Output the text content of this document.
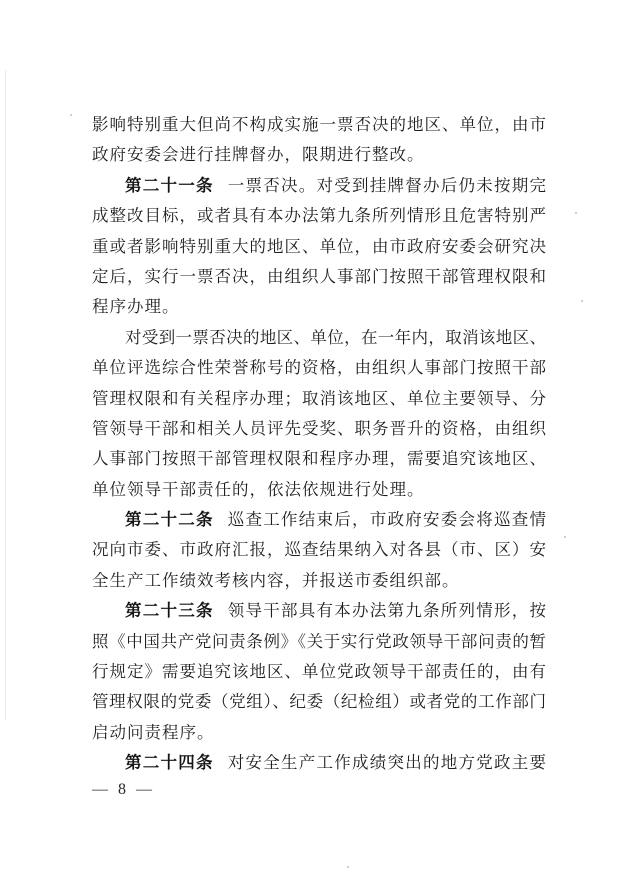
影响特别重大但尚不构成实施一票否决的地区、单位，由市
政府安委会进行挂牌督办，限期进行整改。
第二十一条 一票否决。对受到挂牌督办后仍未按期完
成整改目标，或者具有本办法第九条所列情形且危害特别严
重或者影响特别重大的地区、单位，由市政府安委会研究决
定后，实行一票否决，由组织人事部门按照干部管理权限和
程序办理。
对受到一票否决的地区、单位，在一年内，取消该地区、
单位评选综合性荣誉称号的资格，由组织人事部门按照干部
管理权限和有关程序办理；取消该地区、单位主要领导、分
管领导干部和相关人员评先受奖、职务晋升的资格，由组织
人事部门按照干部管理权限和程序办理，需要追究该地区、
单位领导干部责任的，依法依规进行处理。
第二十二条 巡查工作结束后，市政府安委会将巡查情
况向市委、市政府汇报，巡查结果纳入对各县（市、区）安
全生产工作绩效考核内容，并报送市委组织部。
第二十三条 领导干部具有本办法第九条所列情形，按
照《中国共产党问责条例》《关于实行党政领导干部问责的暂
行规定》需要追究该地区、单位党政领导干部责任的，由有
管理权限的党委（党组）、纪委（纪检组）或者党的工作部门
启动问责程序。
第二十四条 对安全生产工作成绩突出的地方党政主要
— 8 —
